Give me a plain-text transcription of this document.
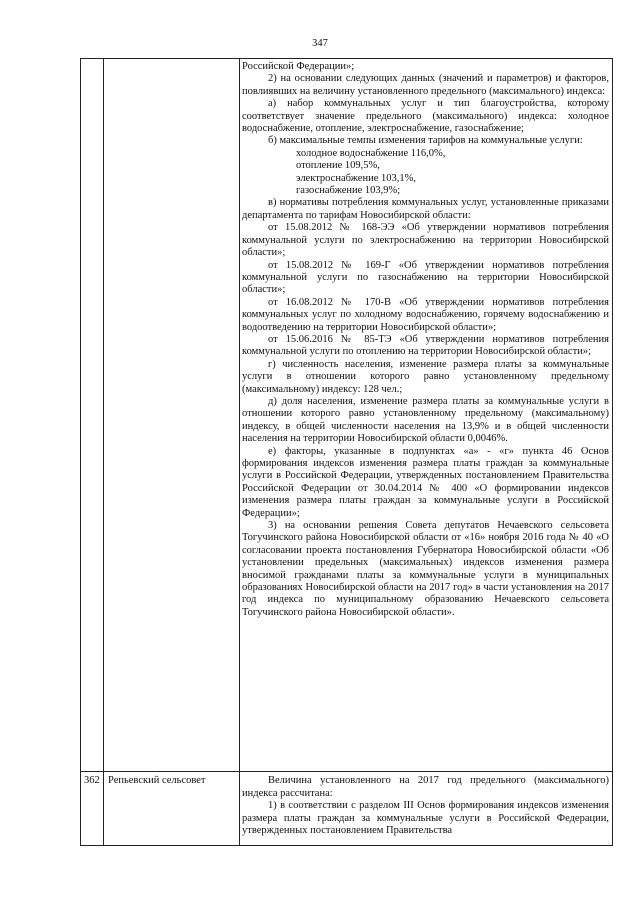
347

Российской Федерации»;

2) на основании следующих данных (значений и параметров) и факторов, повлиявших на величину установленного предельного (максимального) индекса:

а) набор коммунальных услуг и тип благоустройства, которому соответствует значение предельного (максимального) индекса: холодное водоснабжение, отопление, электроснабжение, газоснабжение;

б) максимальные темпы изменения тарифов на коммунальные услуги:

холодное водоснабжение 116,0%,

отопление 109,5%,

электроснабжение 103,1%,

газоснабжение 103,9%;

в) нормативы потребления коммунальных услуг, установленные приказами департамента по тарифам Новосибирской области:

от 15.08.2012 № 168-ЭЭ «Об утверждении нормативов потребления коммунальной услуги по электроснабжению на территории Новосибирской области»;

от 15.08.2012 № 169-Г «Об утверждении нормативов потребления коммунальной услуги по газоснабжению на территории Новосибирской области»;

от 16.08.2012 № 170-В «Об утверждении нормативов потребления коммунальных услуг по холодному водоснабжению, горячему водоснабжению и водоотведению на территории Новосибирской области»;

от 15.06.2016 № 85-ТЭ «Об утверждении нормативов потребления коммунальной услуги по отоплению на территории Новосибирской области»;

г) численность населения, изменение размера платы за коммунальные услуги в отношении которого равно установленному предельному (максимальному) индексу: 128 чел.;

д) доля населения, изменение размера платы за коммунальные услуги в отношении которого равно установленному предельному (максимальному) индексу, в общей численности населения на 13,9% и в общей численности населения на территории Новосибирской области 0,0046%.

е) факторы, указанные в подпунктах «а» - «г» пункта 46 Основ формирования индексов изменения размера платы граждан за коммунальные услуги в Российской Федерации, утвержденных постановлением Правительства Российской Федерации от 30.04.2014 № 400 «О формировании индексов изменения размера платы граждан за коммунальные услуги в Российской Федерации»;

3) на основании решения Совета депутатов Нечаевского сельсовета Тогучинского района Новосибирской области от «16» ноября 2016 года № 40 «О согласовании проекта постановления Губернатора Новосибирской области «Об установлении предельных (максимальных) индексов изменения размера вносимой гражданами платы за коммунальные услуги в муниципальных образованиях Новосибирской области на 2017 год» в части установления на 2017 год индекса по муниципальному образованию Нечаевского сельсовета Тогучинского района Новосибирской области».

362 Репьевский сельсовет	Величина установленного на 2017 год предельного (максимального) индекса рассчитана:

1) в соответствии с разделом III Основ формирования индексов изменения размера платы граждан за коммунальные услуги в Российской Федерации, утвержденных постановлением Правительства
